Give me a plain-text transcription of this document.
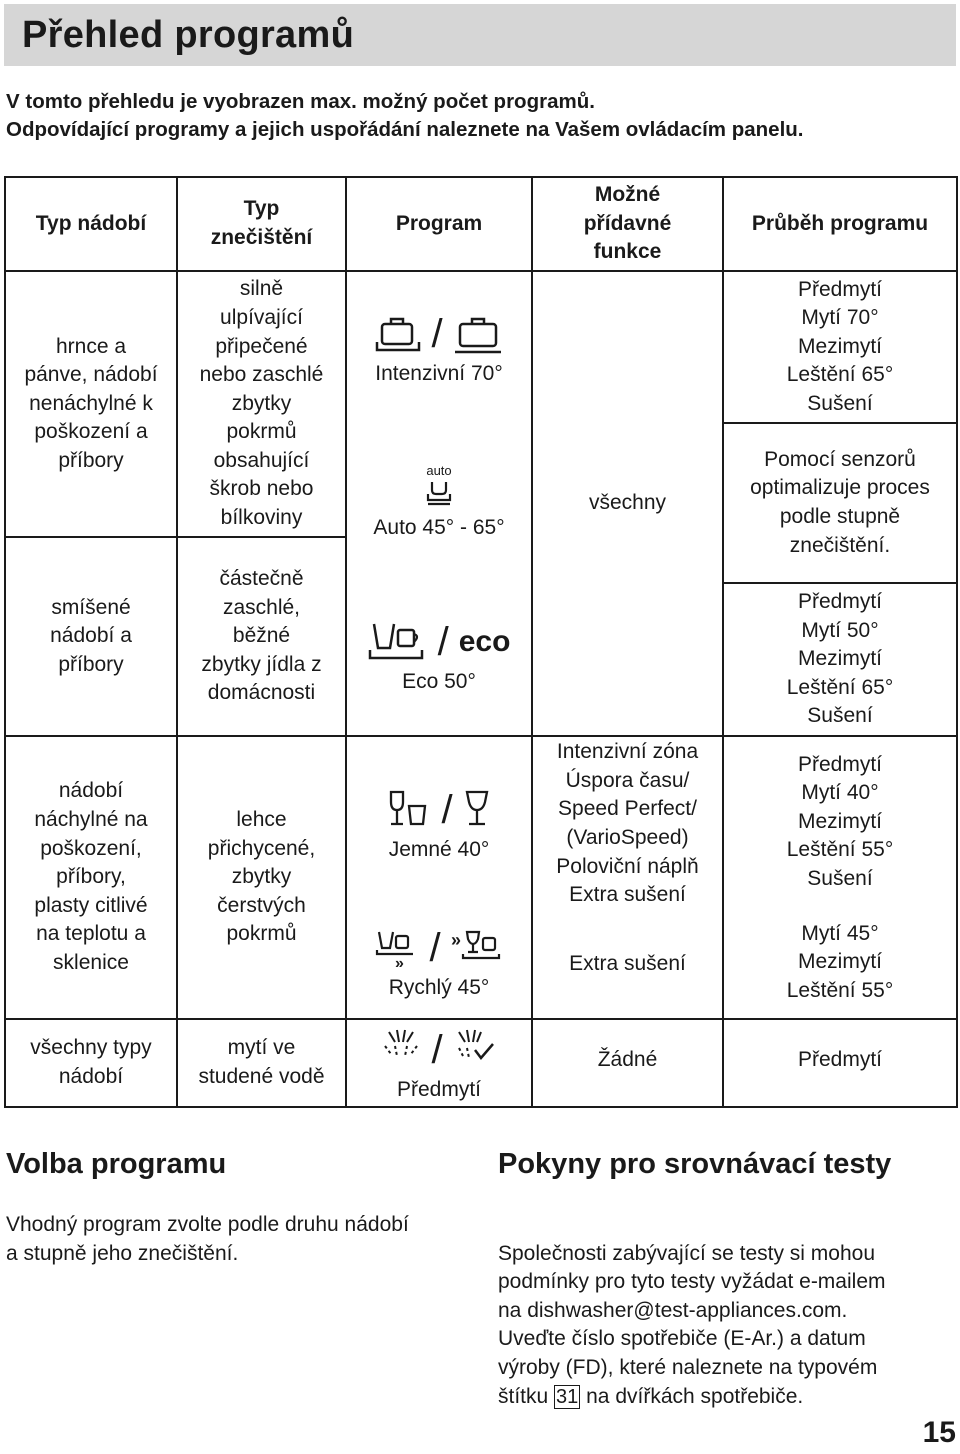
Přehled programů
V tomto přehledu je vyobrazen max. možný počet programů.
Odpovídající programy a jejich uspořádání naleznete na Vašem ovládacím panelu.
Typ nádobí
Typ
znečištění
Program
Možné
přídavné
funkce
Průběh programu
hrnce a
pánve, nádobí
nenáchylné k
poškození a
příbory
smíšené
nádobí a
příbory
nádobí
náchylné na
poškození,
příbory,
plasty citlivé
na teplotu a
sklenice
všechny typy
nádobí
silně
ulpívající
připečené
nebo zaschlé
zbytky
pokrmů
obsahující
škrob nebo
bílkoviny
částečně
zaschlé,
běžné
zbytky jídla z
domácnosti
lehce
přichycené,
zbytky
čerstvých
pokrmů
mytí ve
studené vodě
/
Intenzivní 70°
auto
Auto 45° - 65°
/ eco
Eco 50°
/
Jemné 40°
» / »
Rychlý 45°
/
Předmytí
všechny
Intenzivní zóna
Úspora času/
Speed Perfect/
(VarioSpeed)
Poloviční náplň
Extra sušení
Extra sušení
Žádné
Předmytí
Mytí 70°
Mezimytí
Leštění 65°
Sušení
Pomocí senzorů
optimalizuje proces
podle stupně
znečištění.
Předmytí
Mytí 50°
Mezimytí
Leštění 65°
Sušení
Předmytí
Mytí 40°
Mezimytí
Leštění 55°
Sušení
Mytí 45°
Mezimytí
Leštění 55°
Předmytí
Volba programu
Vhodný program zvolte podle druhu nádobí
a stupně jeho znečištění.
Pokyny pro srovnávací testy

Společnosti zabývající se testy si mohou
podmínky pro tyto testy vyžádat e-mailem
na dishwasher@test-appliances.com.
Uveďte číslo spotřebiče (E-Ar.) a datum
výroby (FD), které naleznete na typovém

štítku 31 na dvířkách spotřebiče.

15
